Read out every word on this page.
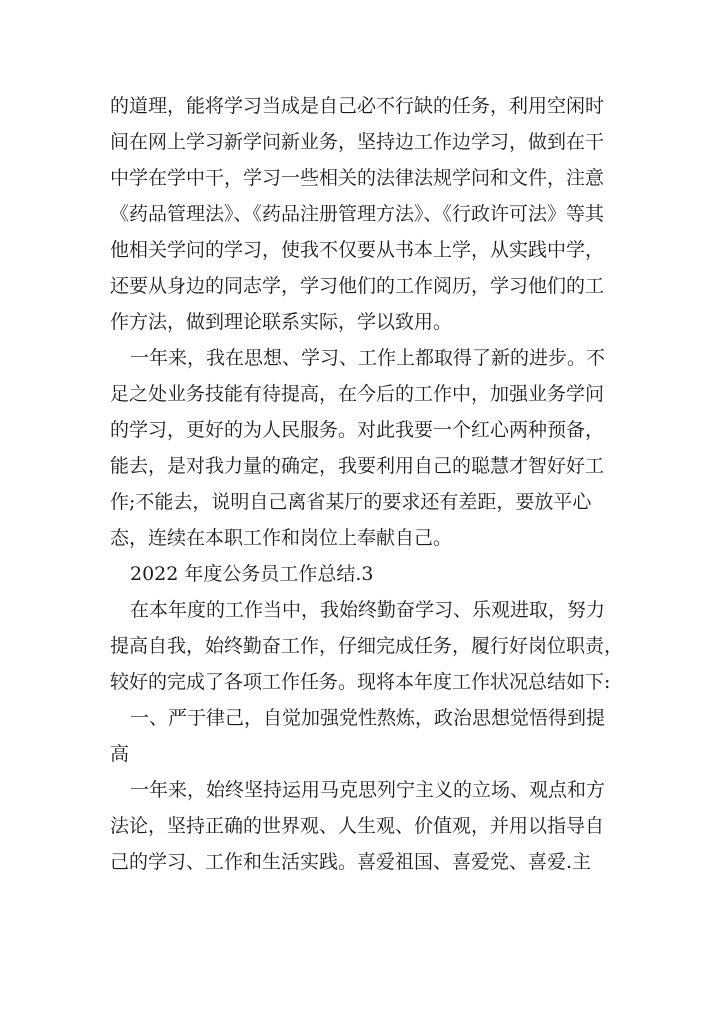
的道理，能将学习当成是自己必不行缺的任务，利用空闲时
间在网上学习新学问新业务，坚持边工作边学习，做到在干
中学在学中干，学习一些相关的法律法规学问和文件，注意
《药品管理法》、《药品注册管理方法》、《行政许可法》等其
他相关学问的学习，使我不仅要从书本上学，从实践中学，
还要从身边的同志学，学习他们的工作阅历，学习他们的工
作方法，做到理论联系实际，学以致用。
一年来，我在思想、学习、工作上都取得了新的进步。不
足之处业务技能有待提高，在今后的工作中，加强业务学问
的学习，更好的为人民服务。对此我要一个红心两种预备，
能去，是对我力量的确定，我要利用自己的聪慧才智好好工
作;不能去，说明自己离省某厅的要求还有差距，要放平心
态，连续在本职工作和岗位上奉献自己。
2022 年度公务员工作总结.3
在本年度的工作当中，我始终勤奋学习、乐观进取，努力
提高自我，始终勤奋工作，仔细完成任务，履行好岗位职责，
较好的完成了各项工作任务。现将本年度工作状况总结如下:
一、严于律己，自觉加强党性熬炼，政治思想觉悟得到提
高
一年来，始终坚持运用马克思列宁主义的立场、观点和方
法论，坚持正确的世界观、人生观、价值观，并用以指导自
己的学习、工作和生活实践。喜爱祖国、喜爱党、喜爱.主
